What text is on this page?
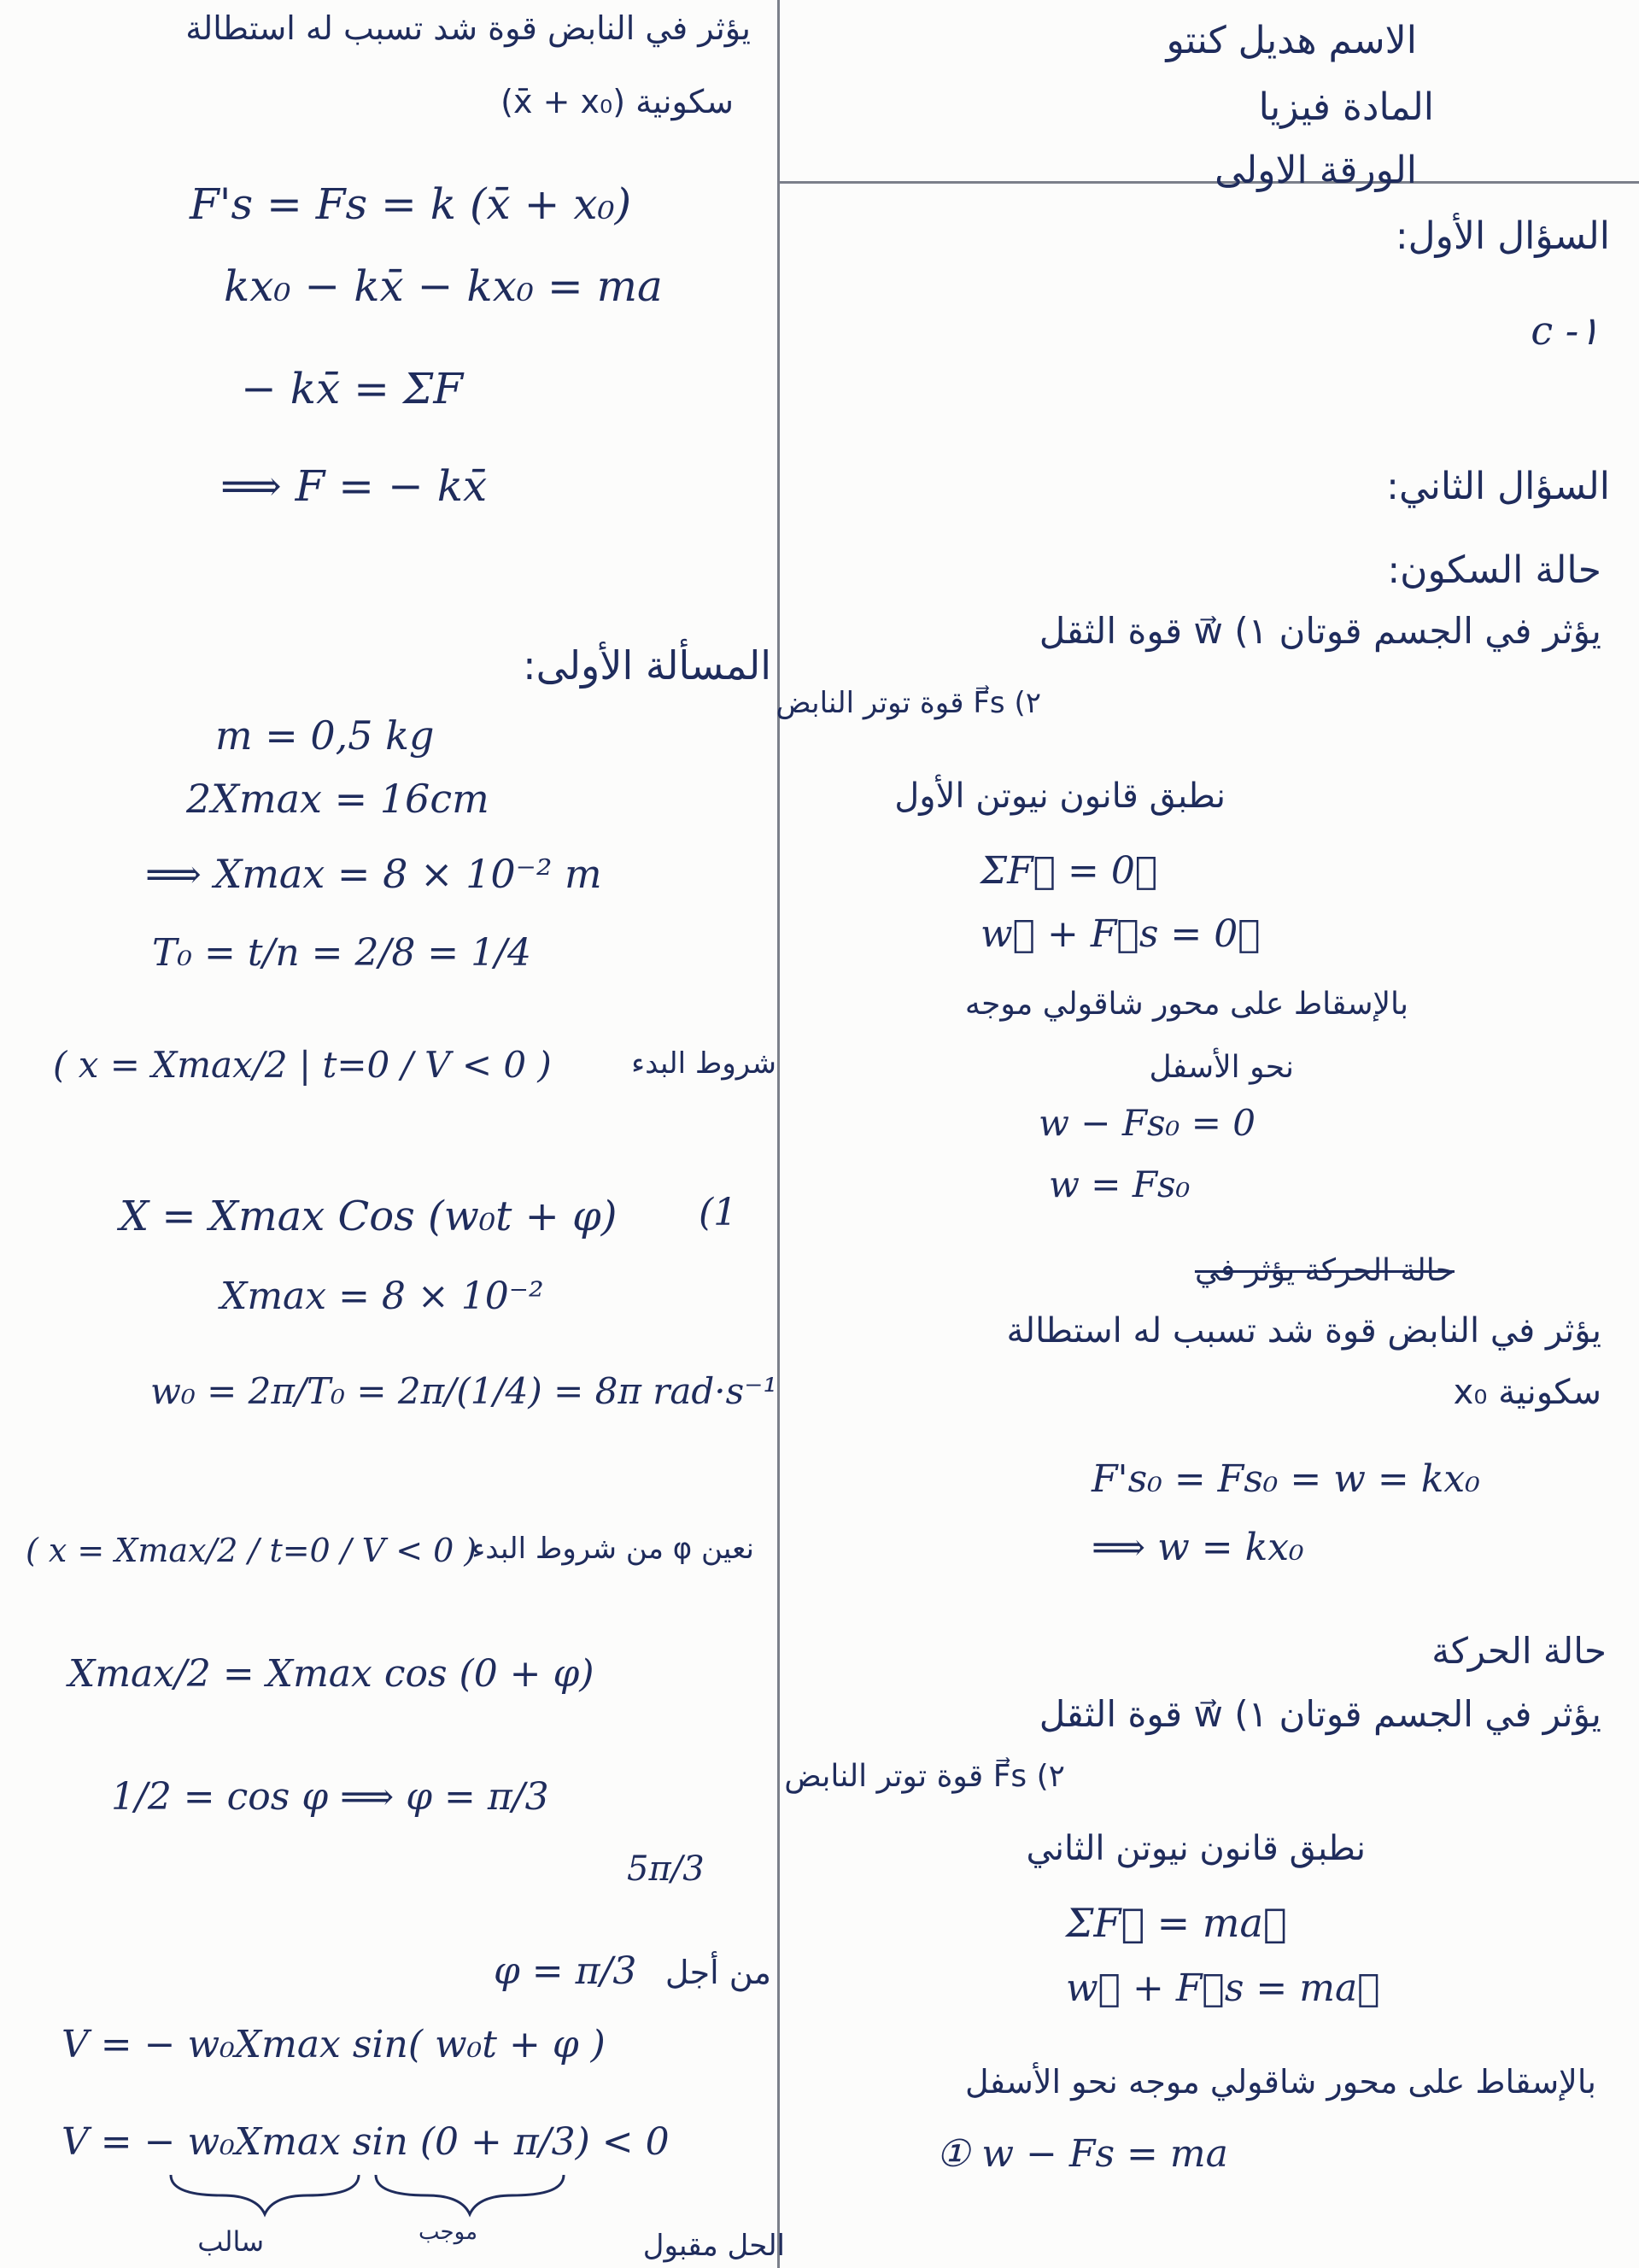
الاسم هديل كنتو
المادة فيزيا
الورقة الاولى
السؤال الأول:
١- c
السؤال الثاني:
حالة السكون:
يؤثر في الجسم قوتان ١) w⃗ قوة الثقل
٢) F⃗s قوة توتر النابض
نطبق قانون نيوتن الأول
ΣF⃗ = 0⃗
w⃗ + F⃗s = 0⃗
بالإسقاط على محور شاقولي موجه
نحو الأسفل
w − Fs₀ = 0
w = Fs₀
حالة الحركة يؤثر في
يؤثر في النابض قوة شد تسبب له استطالة
سكونية x₀
F's₀ = Fs₀ = w = kx₀
⟹ w = kx₀
حالة الحركة
يؤثر في الجسم قوتان ١) w⃗ قوة الثقل
٢) F⃗s قوة توتر النابض
نطبق قانون نيوتن الثاني
ΣF⃗ = ma⃗
w⃗ + F⃗s = ma⃗
بالإسقاط على محور شاقولي موجه نحو الأسفل
① w − Fs = ma
يؤثر في النابض قوة شد تسبب له استطالة
سكونية (x̄ + x₀)
F's = Fs = k (x̄ + x₀)
kx₀ − kx̄ − kx₀ = ma
− kx̄ = ΣF
⟹ F = − kx̄
المسألة الأولى:
m = 0,5 kg
2Xmax = 16cm
⟹ Xmax = 8 × 10⁻² m
T₀ = t/n = 2/8 = 1/4
( x = Xmax/2 | t=0 / V < 0 )	شروط البدء
(1
X = Xmax Cos (w₀t + φ)
Xmax = 8 × 10⁻²
w₀ = 2π/T₀ = 2π/(1/4) = 8π rad·s⁻¹
( x = Xmax/2 / t=0 / V < 0 )
نعين φ من شروط البدء
Xmax/2 = Xmax cos (0 + φ)
1/2 = cos φ ⟹ φ = π/3
5π/3
φ = π/3 من أجل
V = − w₀Xmax sin( w₀t + φ )
V = − w₀Xmax sin (0 + π/3) < 0
سالب	موجب	الحل مقبول
